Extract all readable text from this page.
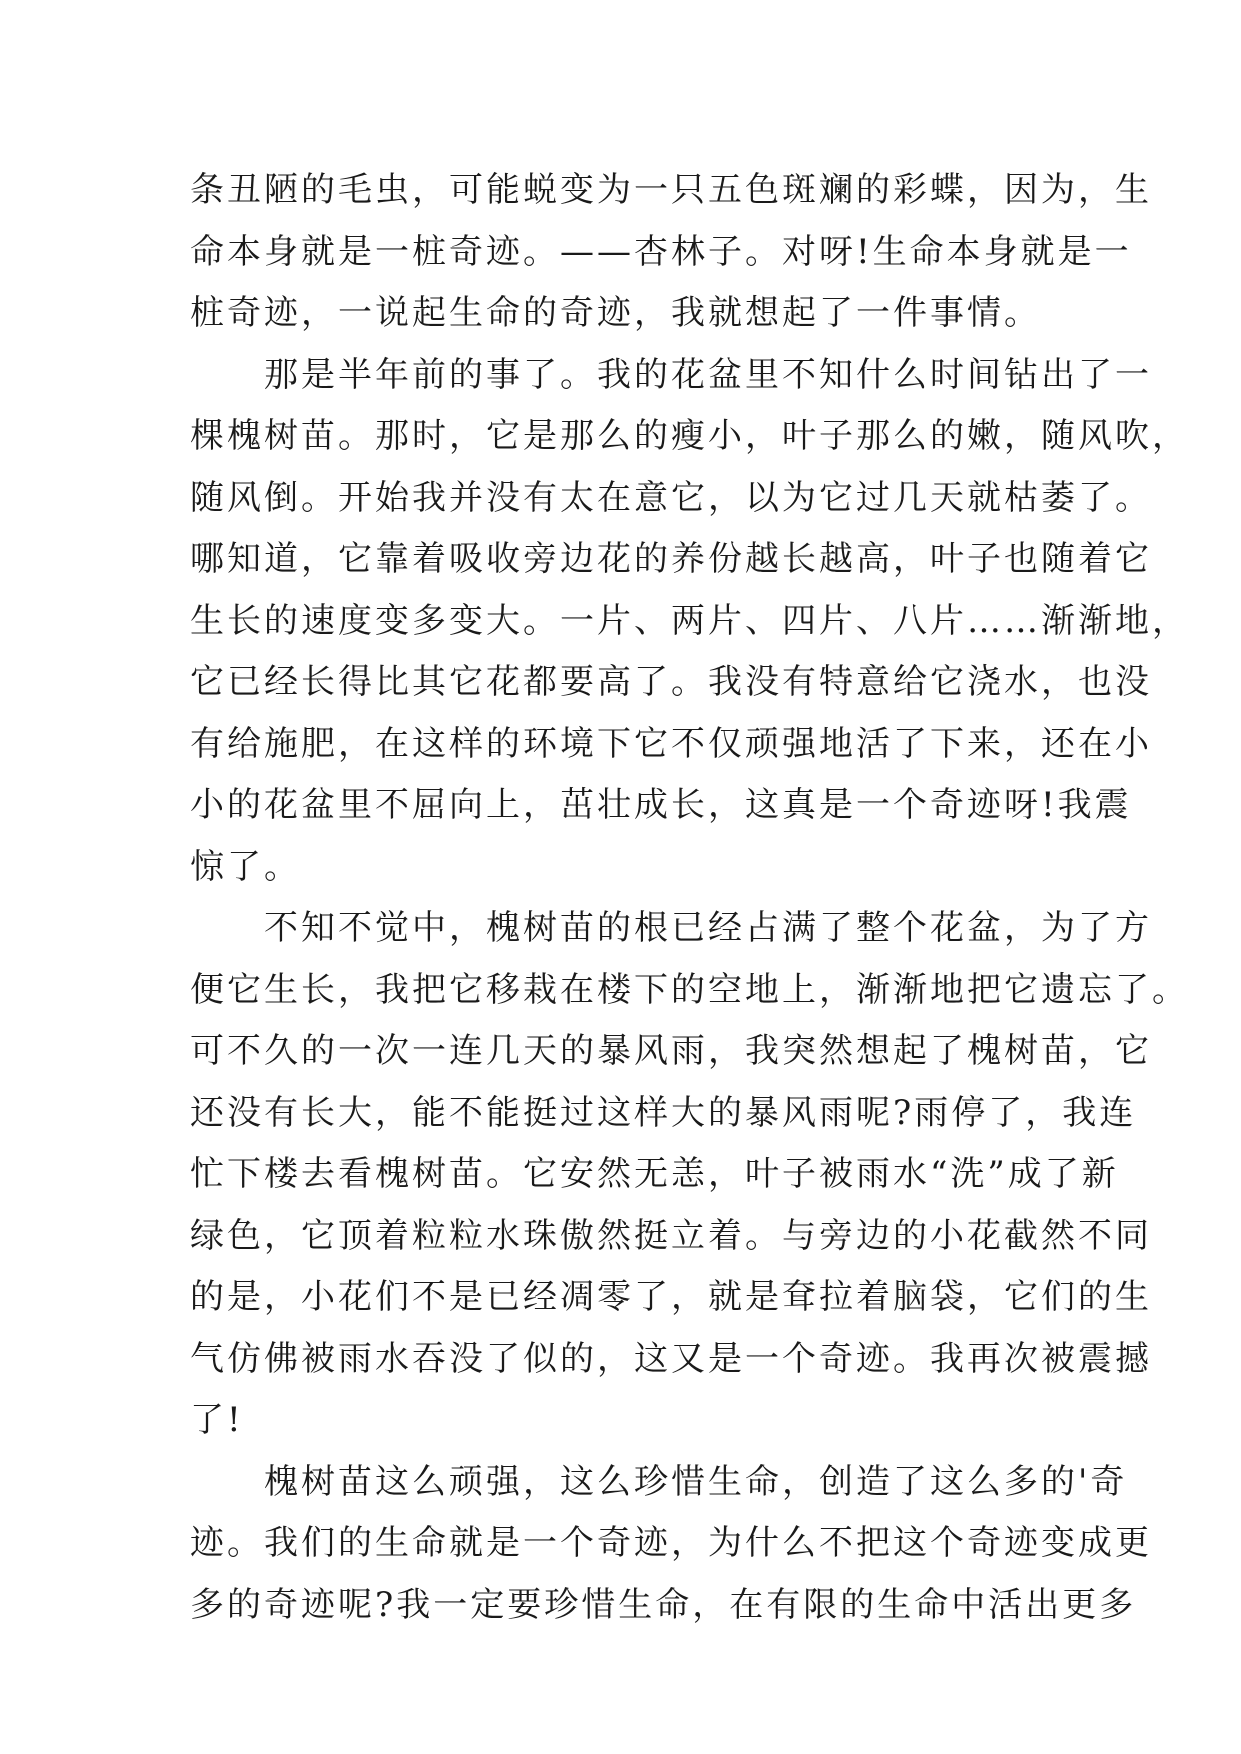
条丑陋的毛虫，可能蜕变为一只五色斑斓的彩蝶，因为，生
命本身就是一桩奇迹。——杏林子。对呀!生命本身就是一
桩奇迹，一说起生命的奇迹，我就想起了一件事情。
　　那是半年前的事了。我的花盆里不知什么时间钻出了一
棵槐树苗。那时，它是那么的瘦小，叶子那么的嫩，随风吹，
随风倒。开始我并没有太在意它，以为它过几天就枯萎了。
哪知道，它靠着吸收旁边花的养份越长越高，叶子也随着它
生长的速度变多变大。一片、两片、四片、八片……渐渐地，
它已经长得比其它花都要高了。我没有特意给它浇水，也没
有给施肥，在这样的环境下它不仅顽强地活了下来，还在小
小的花盆里不屈向上，茁壮成长，这真是一个奇迹呀!我震
惊了。
　　不知不觉中，槐树苗的根已经占满了整个花盆，为了方
便它生长，我把它移栽在楼下的空地上，渐渐地把它遗忘了。
可不久的一次一连几天的暴风雨，我突然想起了槐树苗，它
还没有长大，能不能挺过这样大的暴风雨呢?雨停了，我连
忙下楼去看槐树苗。它安然无恙，叶子被雨水“洗”成了新
绿色，它顶着粒粒水珠傲然挺立着。与旁边的小花截然不同
的是，小花们不是已经凋零了，就是耷拉着脑袋，它们的生
气仿佛被雨水吞没了似的，这又是一个奇迹。我再次被震撼
了!
　　槐树苗这么顽强，这么珍惜生命，创造了这么多的'奇
迹。我们的生命就是一个奇迹，为什么不把这个奇迹变成更
多的奇迹呢?我一定要珍惜生命，在有限的生命中活出更多
